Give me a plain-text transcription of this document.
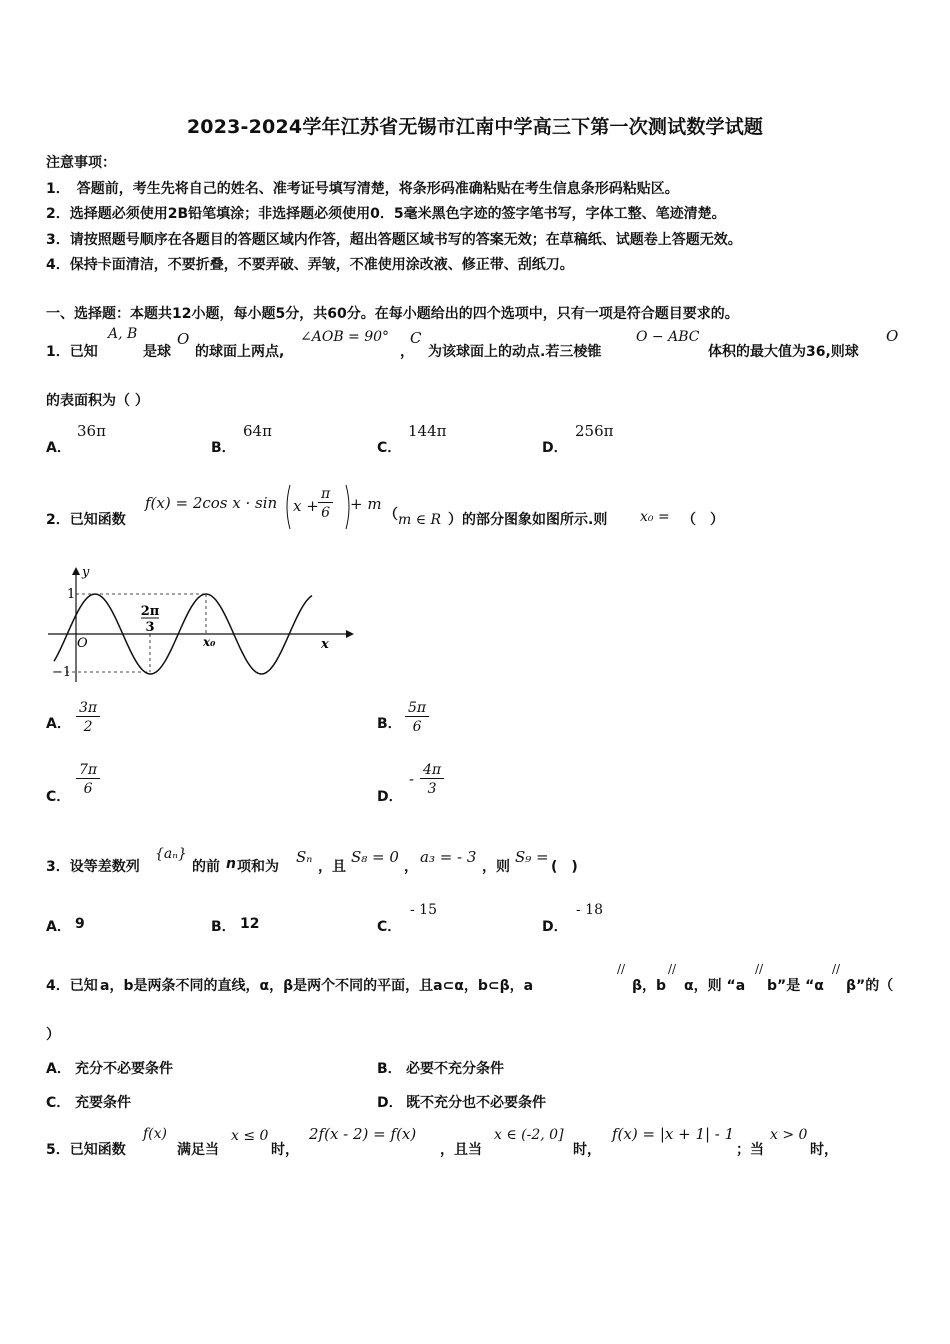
2023-2024学年江苏省无锡市江南中学高三下第一次测试数学试题
注意事项：
1．　答题前，考生先将自己的姓名、准考证号填写清楚，将条形码准确粘贴在考生信息条形码粘贴区。
2．选择题必须使用2B铅笔填涂；非选择题必须使用0．5毫米黑色字迹的签字笔书写，字体工整、笔迹清楚。
3．请按照题号顺序在各题目的答题区域内作答，超出答题区域书写的答案无效；在草稿纸、试题卷上答题无效。
4．保持卡面清洁，不要折叠，不要弄破、弄皱，不准使用涂改液、修正带、刮纸刀。
一、选择题：本题共12小题，每小题5分，共60分。在每小题给出的四个选项中，只有一项是符合题目要求的。
1．已知
A, B
是球
O
的球面上两点,
∠AOB = 90°
，
C
为该球面上的动点.若三棱锥
O − ABC
体积的最大值为36,则球
O
的表面积为（ ）
A．
36π
B．
64π
C．
144π
D．
256π
2．已知函数
f(x) = 2cos $x \cdot \sin x + \frac{\pi}{6} + m$
（ m ∈ R ）的部分图象如图所示.则 x₀ = （　）
y
x
O
1
−1
2π
3
x₀
A． $\frac{3\pi}{2}$	B． $\frac{5\pi}{6}$
C． $\frac{7\pi}{6}$	D．
- $\frac{4\pi}{3}$
3．设等差数列
{aₙ}
的前 n 项和为
Sₙ
，且
S₈ = 0
，
a₃ = - 3
，则
S₉ =
(　)
A． 9	B． 12	C．
- 15
D．
- 18
4．已知 a，b是两条不同的直线，α，β是两个不同的平面，且a⊂α，b⊂β，a
//
β，b
//
α，则 “a
//
b”是 “α
//
β”的（
）
A． 充分不必要条件	B． 必要不充分条件
C． 充要条件	D． 既不充分也不必要条件
5．已知函数
f(x)
满足当
x ≤ 0
时，
2f(x - 2) = f(x)
，且当
x ∈ (-2, 0]
时，
f(x) = |x + 1| - 1
；当
x > 0
时，
